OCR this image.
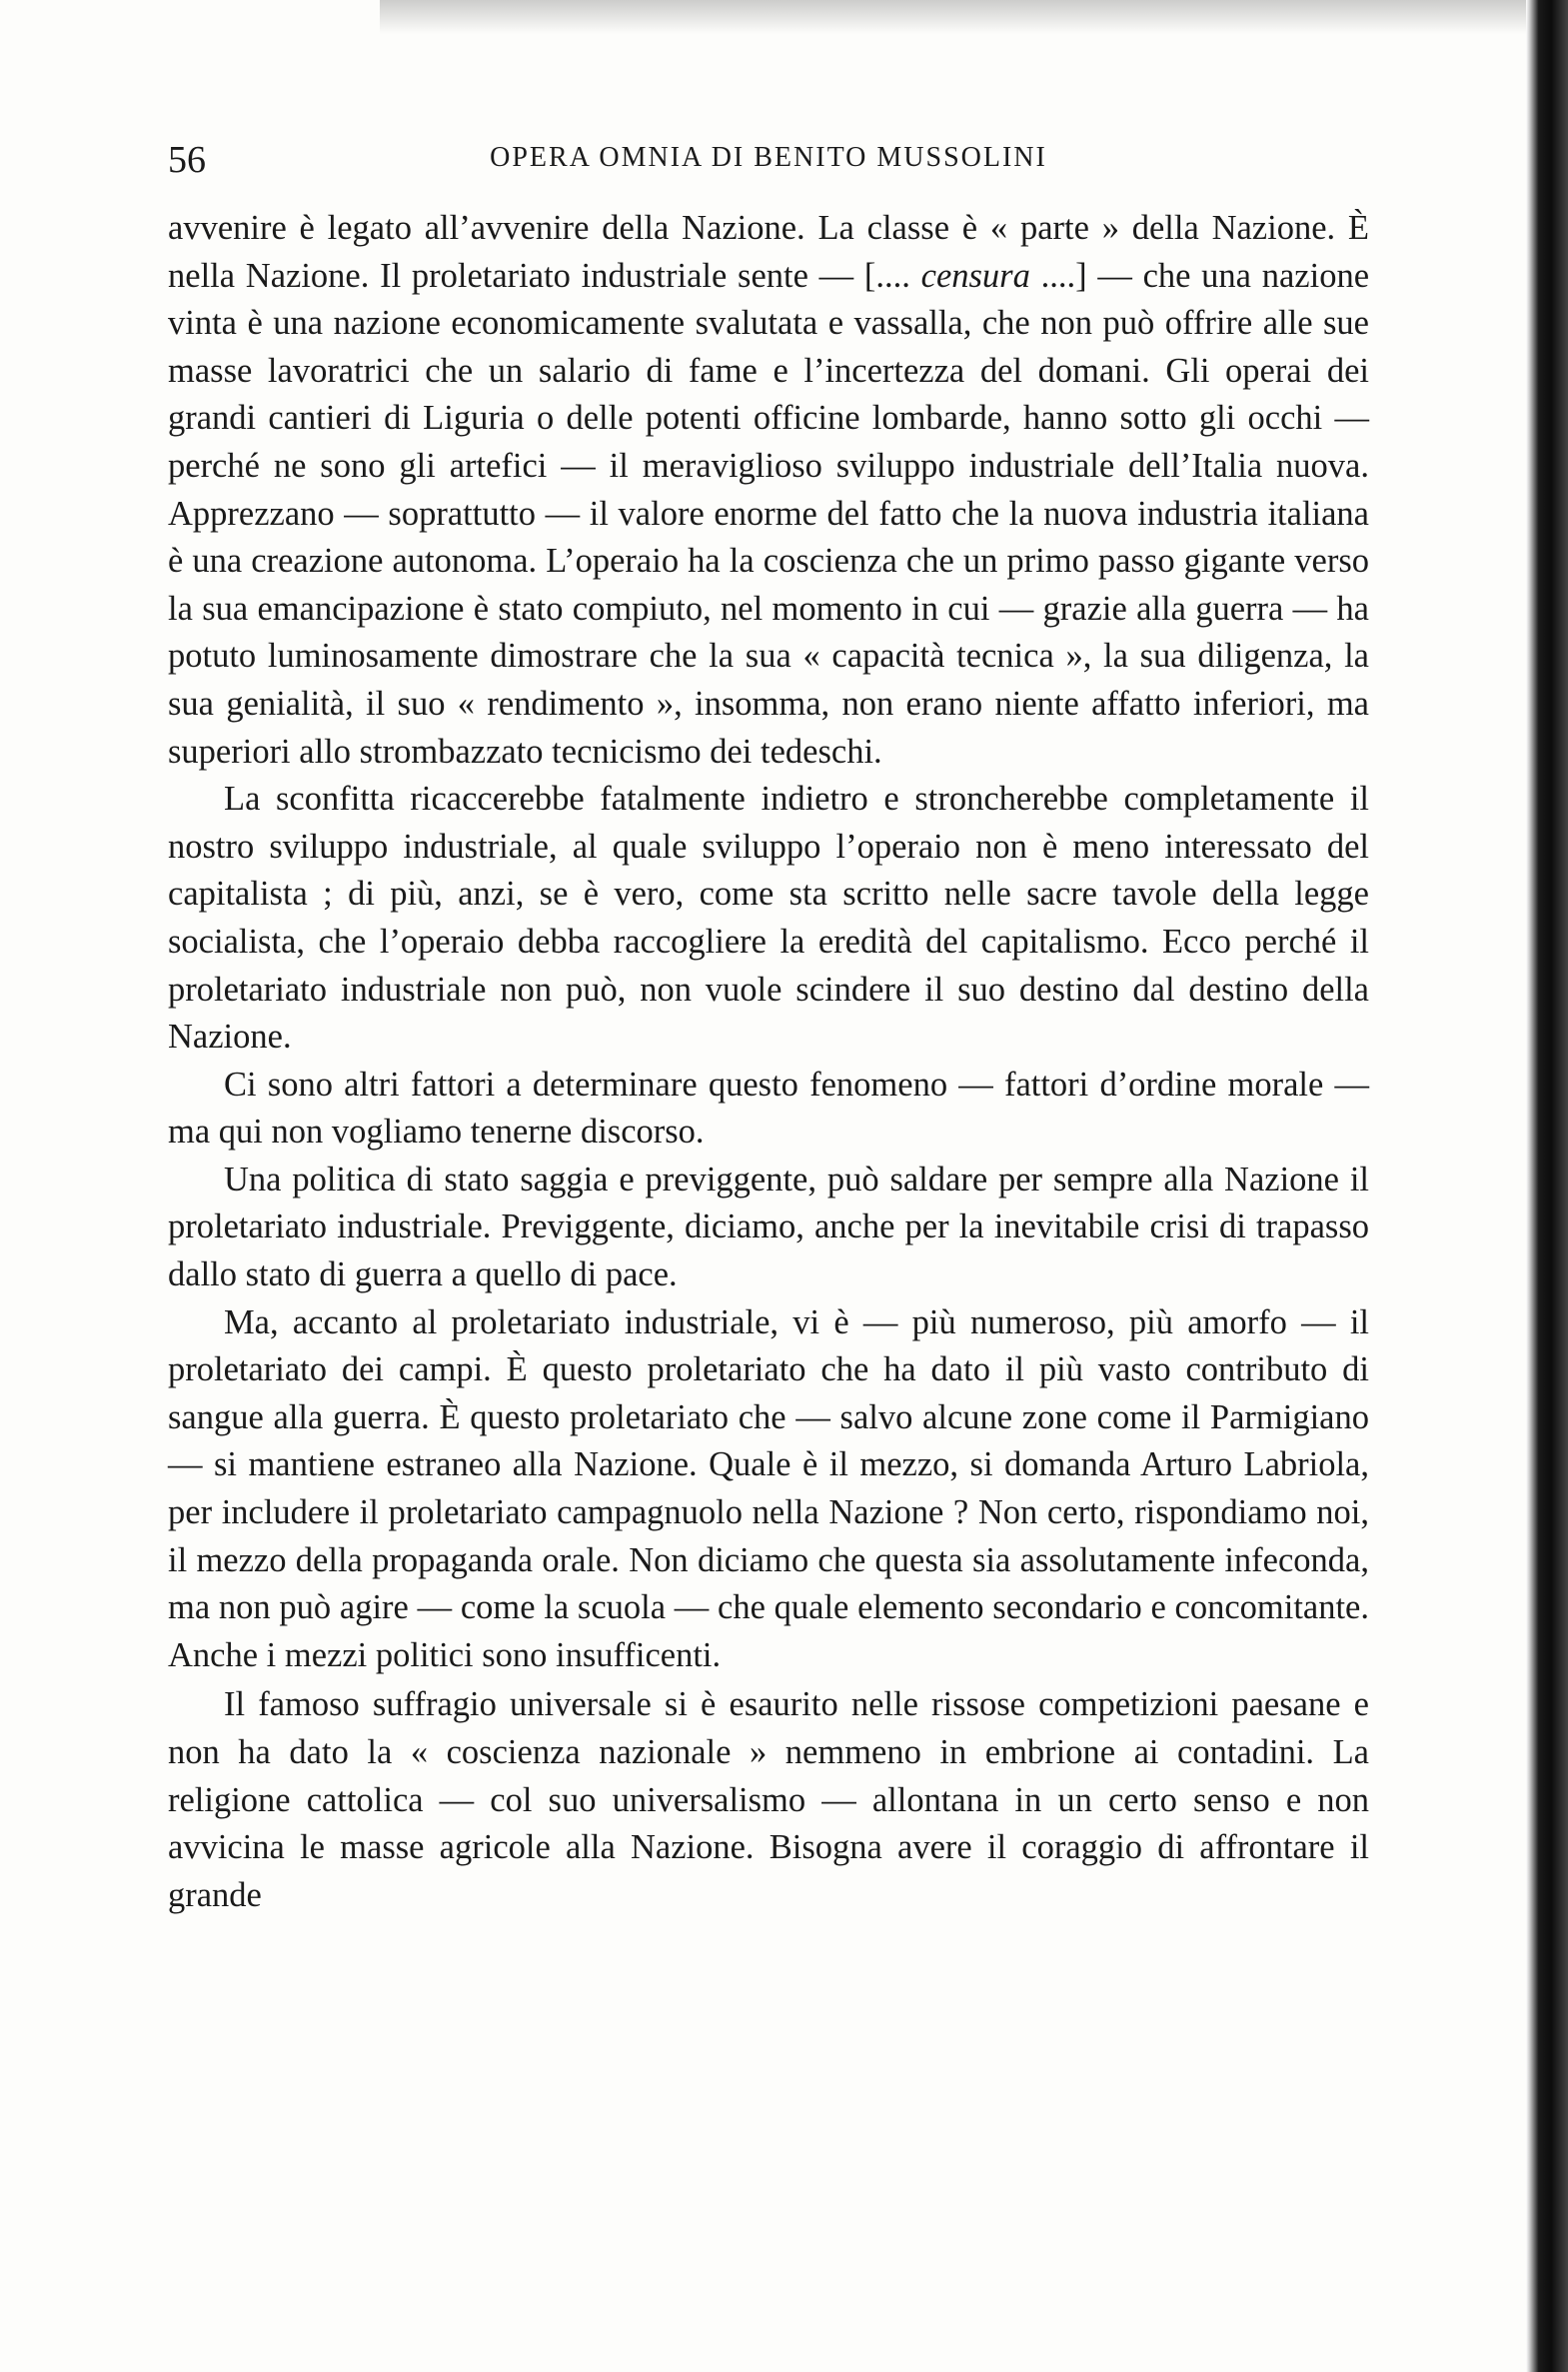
56	OPERA OMNIA DI BENITO MUSSOLINI

avvenire è legato all’avvenire della Nazione. La classe è « parte » della Nazione. È nella Nazione. Il proletariato industriale sente — [.... censura ....] — che una nazione vinta è una nazione economicamente svalutata e vassalla, che non può offrire alle sue masse lavoratrici che un salario di fame e l’incertezza del domani. Gli operai dei grandi cantieri di Liguria o delle potenti officine lombarde, hanno sotto gli occhi — perché ne sono gli artefici — il meraviglioso sviluppo industriale dell’Italia nuova. Apprezzano — soprattutto — il valore enorme del fatto che la nuova industria italiana è una creazione autonoma. L’operaio ha la coscienza che un primo passo gigante verso la sua emancipazione è stato compiuto, nel momento in cui — grazie alla guerra — ha potuto luminosamente dimostrare che la sua « capacità tecnica », la sua diligenza, la sua genialità, il suo « rendimento », insomma, non erano niente affatto inferiori, ma superiori allo strombazzato tecnicismo dei tedeschi.

La sconfitta ricaccerebbe fatalmente indietro e stroncherebbe completamente il nostro sviluppo industriale, al quale sviluppo l’operaio non è meno interessato del capitalista ; di più, anzi, se è vero, come sta scritto nelle sacre tavole della legge socialista, che l’operaio debba raccogliere la eredità del capitalismo. Ecco perché il proletariato industriale non può, non vuole scindere il suo destino dal destino della Nazione.

Ci sono altri fattori a determinare questo fenomeno — fattori d’ordine morale — ma qui non vogliamo tenerne discorso.

Una politica di stato saggia e previggente, può saldare per sempre alla Nazione il proletariato industriale. Previggente, diciamo, anche per la inevitabile crisi di trapasso dallo stato di guerra a quello di pace.

Ma, accanto al proletariato industriale, vi è — più numeroso, più amorfo — il proletariato dei campi. È questo proletariato che ha dato il più vasto contributo di sangue alla guerra. È questo proletariato che — salvo alcune zone come il Parmigiano — si mantiene estraneo alla Nazione. Quale è il mezzo, si domanda Arturo Labriola, per includere il proletariato campagnuolo nella Nazione ? Non certo, rispondiamo noi, il mezzo della propaganda orale. Non diciamo che questa sia assolutamente infeconda, ma non può agire — come la scuola — che quale elemento secondario e concomitante. Anche i mezzi politici sono insufficenti.

Il famoso suffragio universale si è esaurito nelle rissose competizioni paesane e non ha dato la « coscienza nazionale » nemmeno in embrione ai contadini. La religione cattolica — col suo universalismo — allontana in un certo senso e non avvicina le masse agricole alla Nazione. Bisogna avere il coraggio di affrontare il grande
